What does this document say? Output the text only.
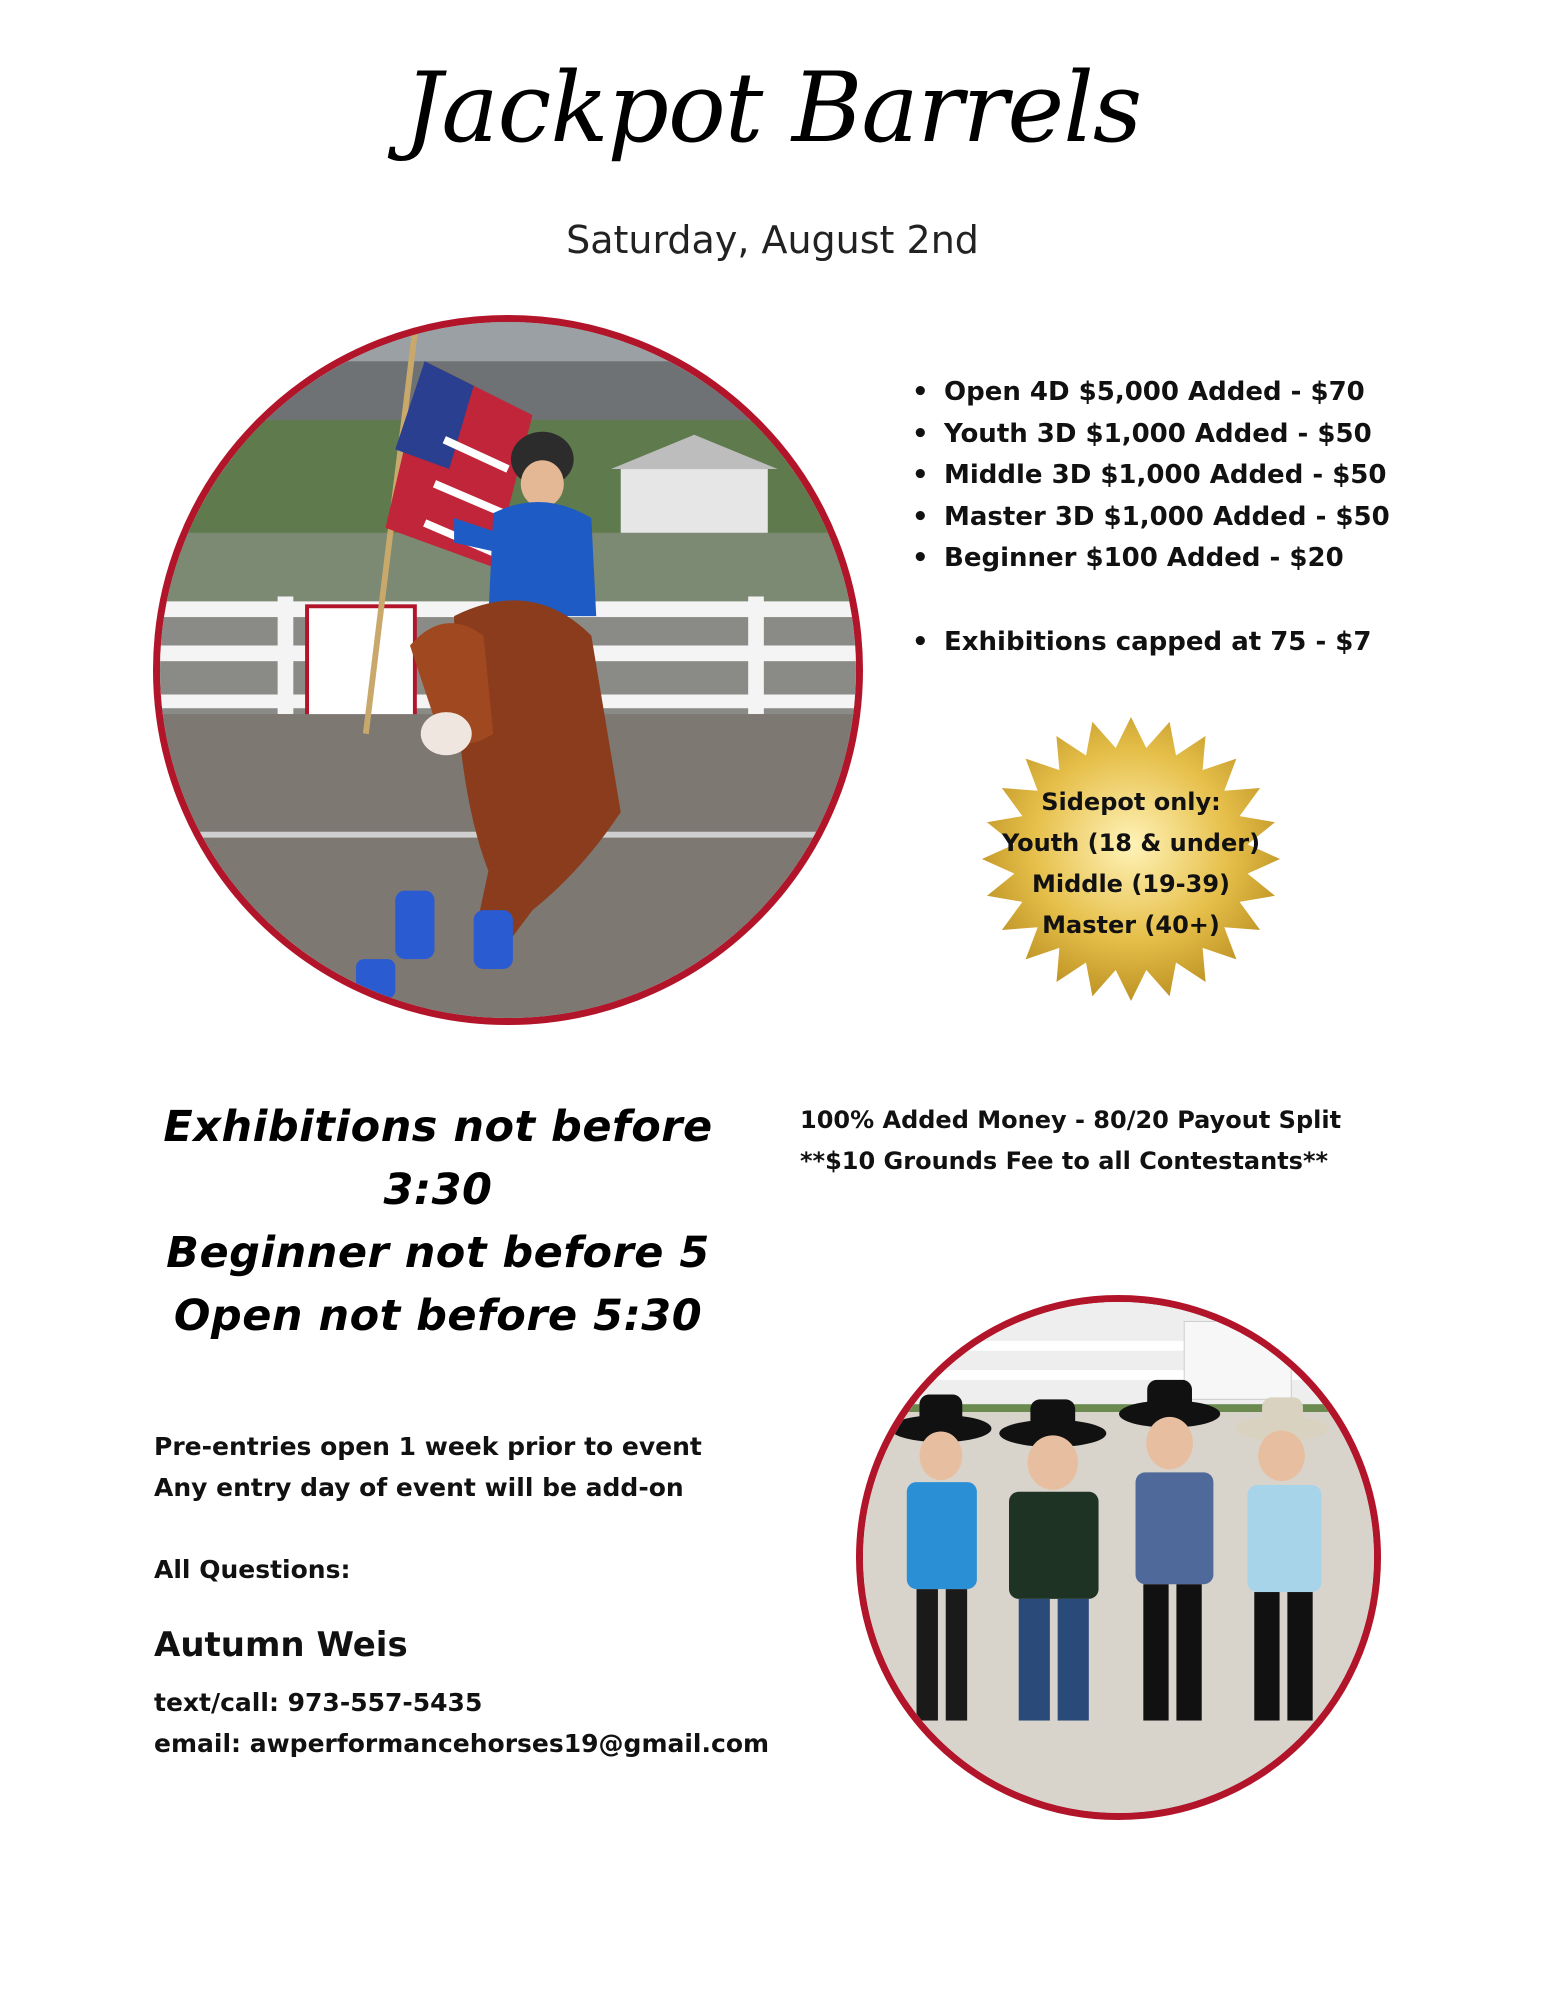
Jackpot Barrels
Saturday, August 2nd
• Open 4D $5,000 Added - $70
• Youth 3D $1,000 Added - $50
• Middle 3D $1,000 Added - $50
• Master 3D $1,000 Added - $50
• Beginner $100 Added - $20
• Exhibitions capped at 75 - $7
Sidepot only:
Youth (18 & under)
Middle (19-39)
Master (40+)
Exhibitions not before 3:30
Beginner not before 5
Open not before 5:30
100% Added Money - 80/20 Payout Split
**$10 Grounds Fee to all Contestants**
Pre-entries open 1 week prior to event
Any entry day of event will be add-on
All Questions:
Autumn Weis
text/call: 973-557-5435
email: awperformancehorses19@gmail.com
